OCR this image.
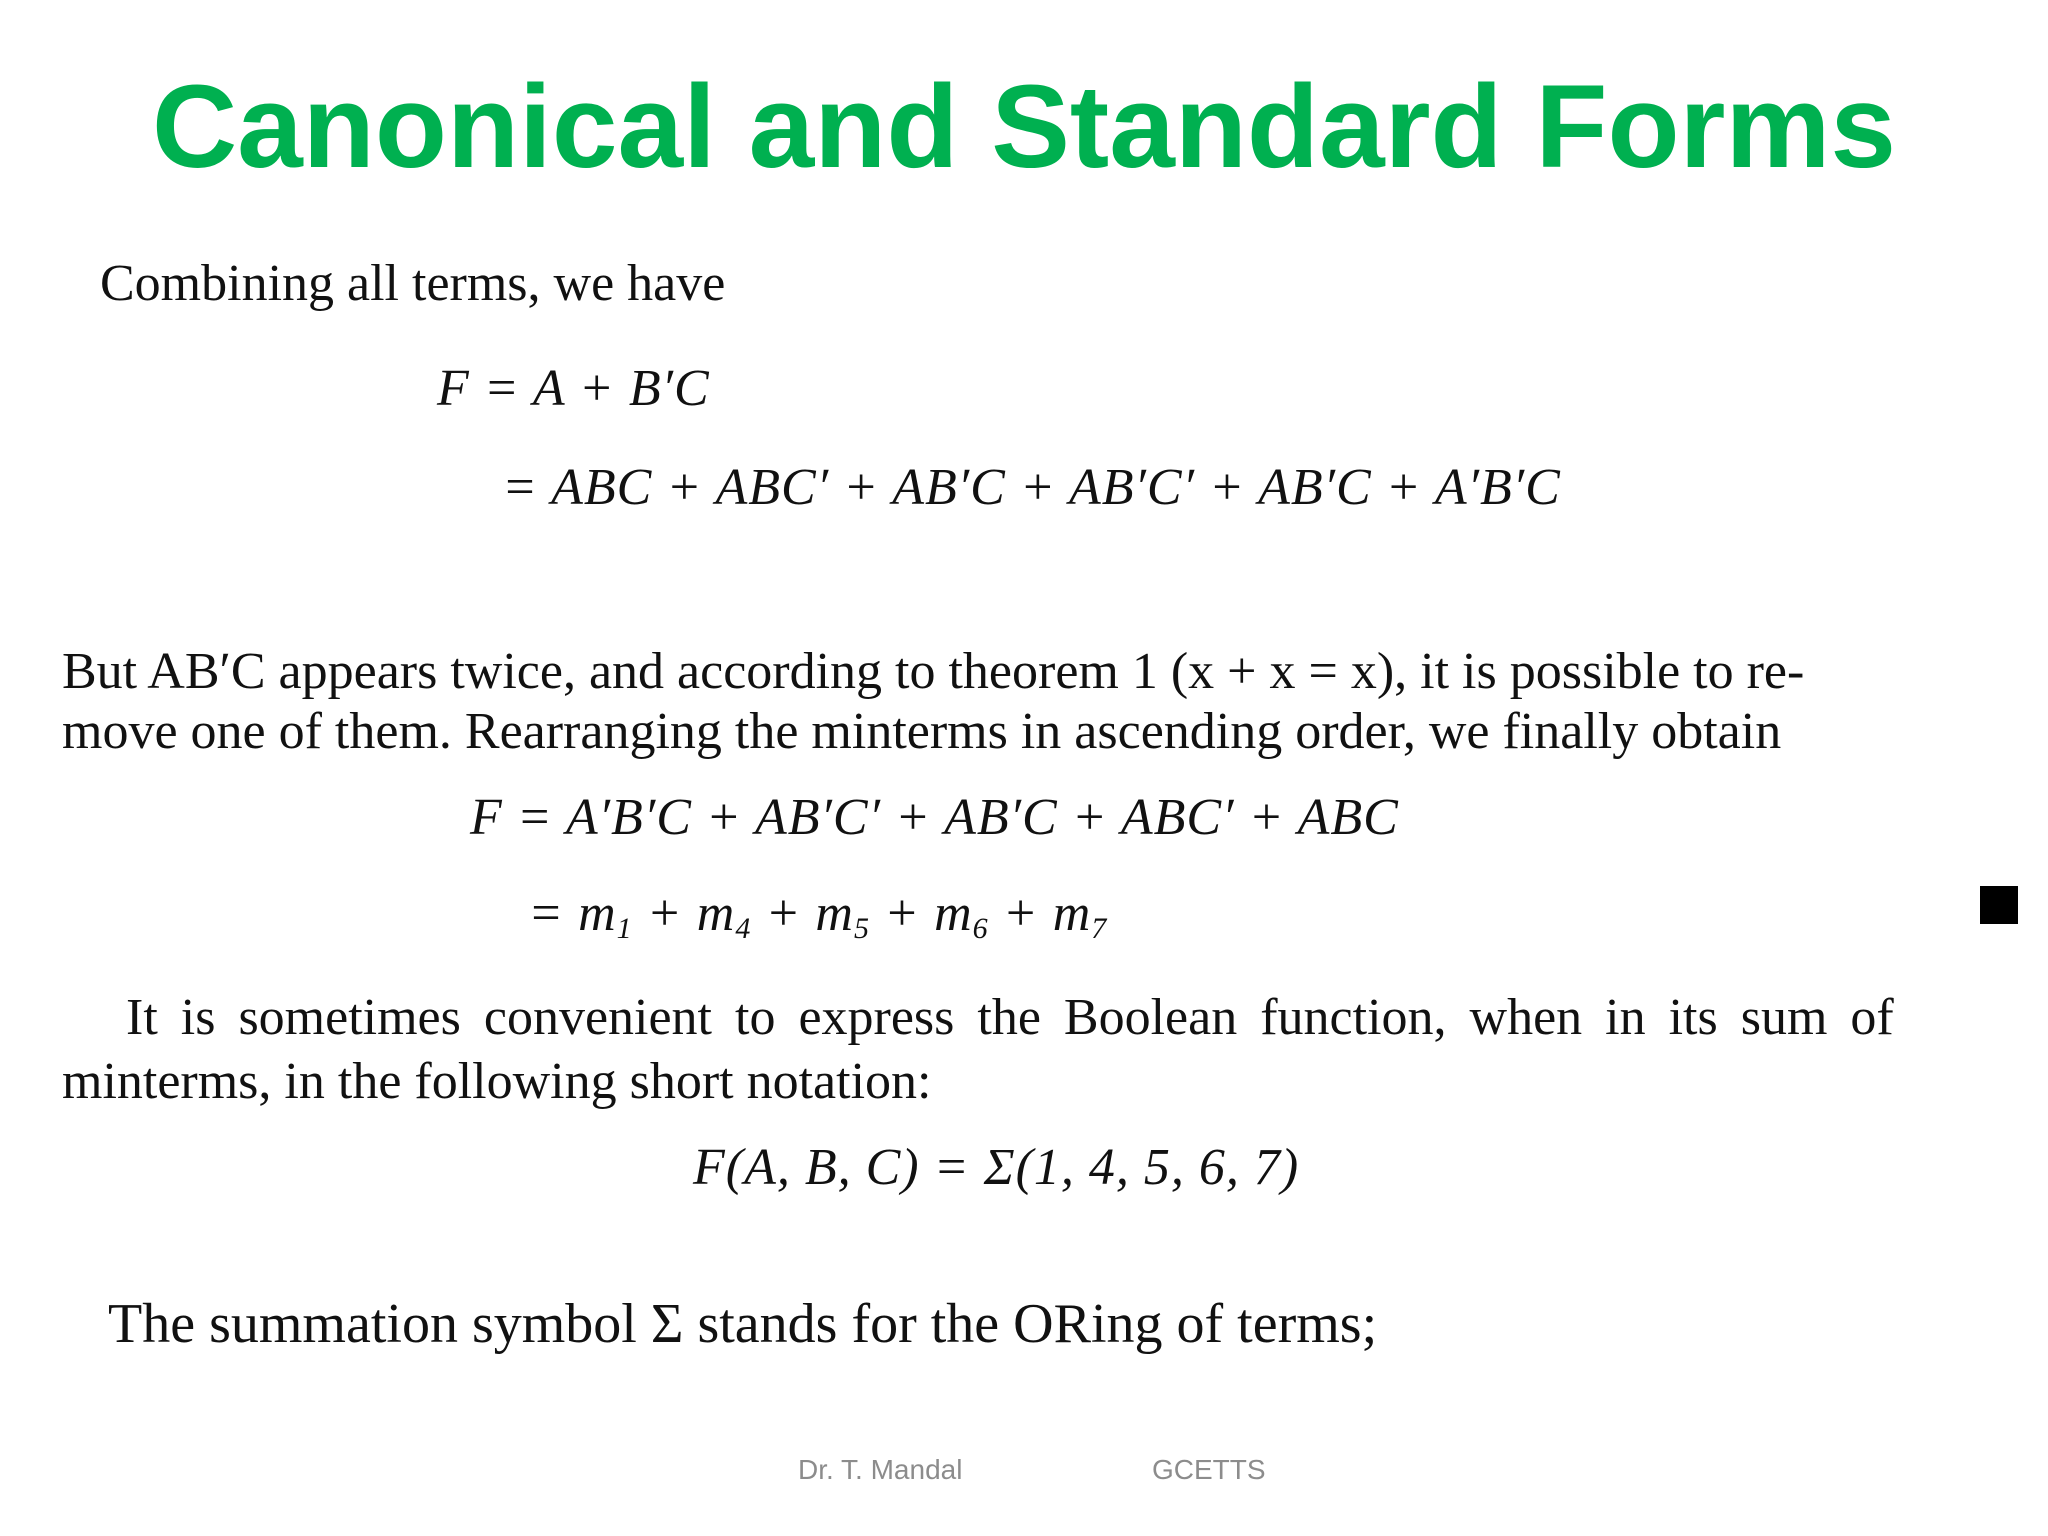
Canonical and Standard Forms
Combining all terms, we have
F = A + B′C
= ABC + ABC′ + AB′C + AB′C′ + AB′C + A′B′C
But AB′C appears twice, and according to theorem 1 (x + x = x), it is possible to re-
move one of them. Rearranging the minterms in ascending order, we finally obtain
F = A′B′C + AB′C′ + AB′C + ABC′ + ABC
= $m_1 + m_4 + m_5 + m_6 + m_7$
It is sometimes convenient to express the Boolean function, when in its sum of
minterms, in the following short notation:
F(A, B, C) = Σ(1, 4, 5, 6, 7)
The summation symbol Σ stands for the ORing of terms;
Dr. T. Mandal	GCETTS
